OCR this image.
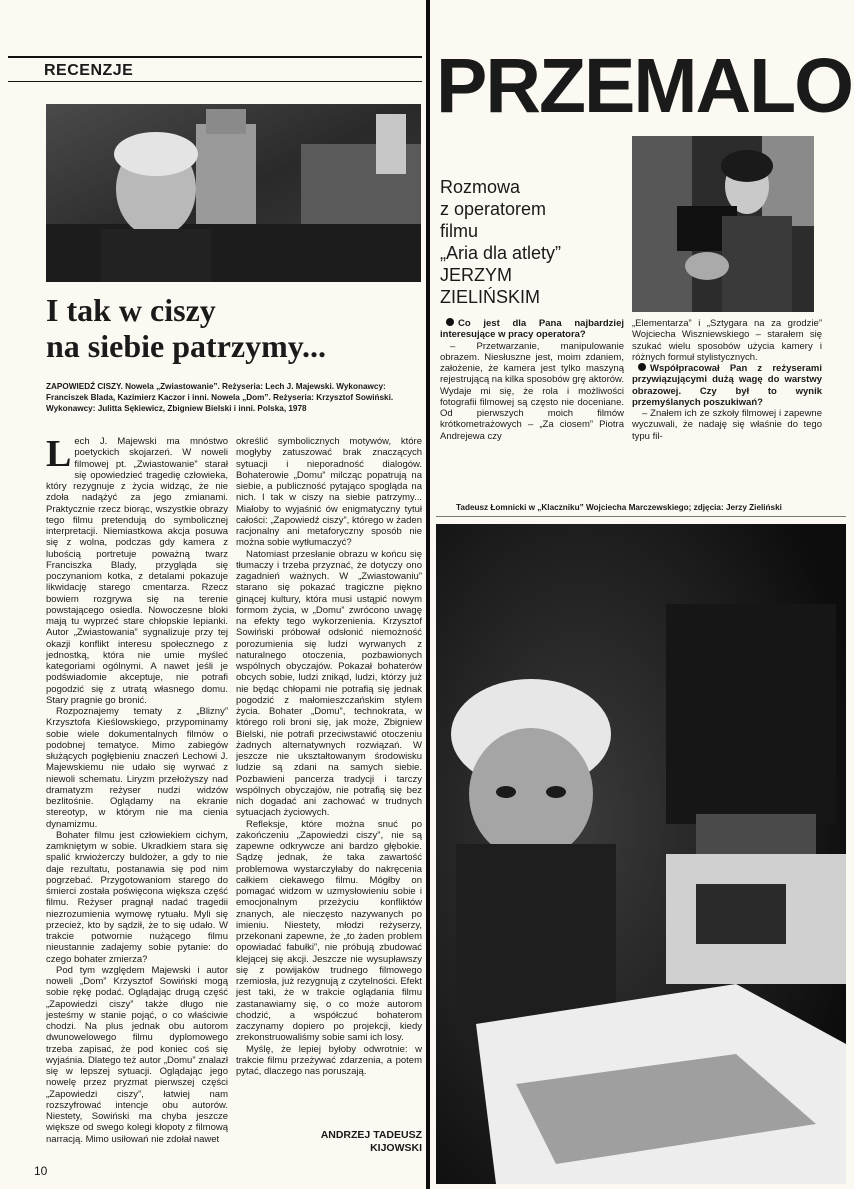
RECENZJE
I tak w ciszy
na siebie patrzymy...
ZAPOWIEDŹ CISZY. Nowela „Zwiastowanie”. Reżyseria: Lech J. Majewski. Wykonawcy: Franciszek Blada, Kazimierz Kaczor i inni. Nowela „Dom”. Reżyseria: Krzysztof Sowiński. Wykonawcy: Julitta Sękiewicz, Zbigniew Bielski i inni. Polska, 1978

Lech J. Majewski ma mnóstwo poetyckich skojarzeń. W noweli filmowej pt. „Zwiastowanie” starał się opowiedzieć tragedię człowieka, który rezygnuje z życia widząc, że nie zdoła nadążyć za jego zmianami. Praktycznie rzecz biorąc, wszystkie obrazy tego filmu pretendują do symbolicznej interpretacji. Niemiastkowa akcja posuwa się z wolna, podczas gdy kamera z lubością portretuje poważną twarz Franciszka Blady, przygląda się poczynaniom kotka, z detalami pokazuje likwidację starego cmentarza. Rzecz bowiem rozgrywa się na terenie powstającego osiedla. Nowoczesne bloki mają tu wyprzeć stare chłopskie lepianki. Autor „Zwiastowania” sygnalizuje przy tej okazji konflikt interesu społecznego z jednostką, która nie umie myśleć kategoriami ogólnymi. A nawet jeśli je podświadomie akceptuje, nie potrafi pogodzić się z utratą własnego domu. Stary pragnie go bronić.

Rozpoznajemy tematy z „Blizny” Krzysztofa Kieślowskiego, przypominamy sobie wiele dokumentalnych filmów o podobnej tematyce. Mimo zabiegów służących pogłębieniu znaczeń Lechowi J. Majewskiemu nie udało się wyrwać z niewoli schematu. Liryzm przełożyszy nad dramatyzm reżyser nudzi widzów bezlitośnie. Oglądamy na ekranie stereotyp, w którym nie ma cienia dynamizmu.

Bohater filmu jest człowiekiem cichym, zamkniętym w sobie. Ukradkiem stara się spalić krwiożerczy buldożer, a gdy to nie daje rezultatu, postanawia się pod nim pogrzebać. Przygotowaniom starego do śmierci została poświęcona większa część filmu. Reżyser pragnął nadać tragedii niezrozumienia wymowę rytuału. Myli się przecież, kto by sądził, że to się udało. W trakcie potwornie nużącego filmu nieustannie zadajemy sobie pytanie: do czego bohater zmierza?

Pod tym względem Majewski i autor noweli „Dom” Krzysztof Sowiński mogą sobie rękę podać. Oglądając drugą część „Zapowiedzi ciszy” także długo nie jesteśmy w stanie pojąć, o co właściwie chodzi. Na plus jednak obu autorom dwunowelowego filmu dyplomowego trzeba zapisać, że pod koniec coś się wyjaśnia. Dlatego też autor „Domu” znalazł się w lepszej sytuacji. Oglądając jego nowelę przez pryzmat pierwszej części „Zapowiedzi ciszy”, łatwiej nam rozszyfrować intencje obu autorów. Niestety, Sowiński ma chyba jeszcze większe od swego kolegi kłopoty z filmową narracją. Mimo usiłowań nie zdołał nawet

określić symbolicznych motywów, które mogłyby zatuszować brak znaczących sytuacji i nieporadność dialogów. Bohaterowie „Domu” milcząc popatrują na siebie, a publiczność pytająco spogląda na nich. I tak w ciszy na siebie patrzymy... Miałoby to wyjaśnić ów enigmatyczny tytuł całości: „Zapowiedź ciszy”, którego w żaden racjonalny ani metaforyczny sposób nie można sobie wytłumaczyć?

Natomiast przesłanie obrazu w końcu się tłumaczy i trzeba przyznać, że dotyczy ono zagadnień ważnych. W „Zwiastowaniu” starano się pokazać tragiczne piękno ginącej kultury, która musi ustąpić nowym formom życia, w „Domu” zwrócono uwagę na efekty tego wykorzenienia. Krzysztof Sowiński próbował odsłonić niemożność porozumienia się ludzi wyrwanych z naturalnego otoczenia, pozbawionych wspólnych obyczajów. Pokazał bohaterów obcych sobie, ludzi znikąd, ludzi, którzy już nie będąc chłopami nie potrafią się jednak pogodzić z małomieszczańskim stylem życia. Bohater „Domu”, technokrata, w którego roli broni się, jak może, Zbigniew Bielski, nie potrafi przeciwstawić otoczeniu żadnych alternatywnych rozwiązań. W jeszcze nie ukształtowanym środowisku ludzie są zdani na samych siebie. Pozbawieni pancerza tradycji i tarczy wspólnych obyczajów, nie potrafią się bez nich dogadać ani zachować w trudnych sytuacjach życiowych.

Refleksje, które można snuć po zakończeniu „Zapowiedzi ciszy”, nie są zapewne odkrywcze ani bardzo głębokie. Sądzę jednak, że taka zawartość problemowa wystarczyłaby do nakręcenia całkiem ciekawego filmu. Mógłby on pomagać widzom w uzmysłowieniu sobie i emocjonalnym przeżyciu konfliktów znanych, ale nieczęsto nazywanych po imieniu. Niestety, młodzi reżyserzy, przekonani zapewne, że „to żaden problem opowiadać fabułki”, nie próbują zbudować klejącej się akcji. Jeszcze nie wysupławszy się z powijaków trudnego filmowego rzemiosła, już rezygnują z czytelności. Efekt jest taki, że w trakcie oglądania filmu zastanawiamy się, o co może autorom chodzić, a współczuć bohaterom zaczynamy dopiero po projekcji, kiedy zrekonstruowaliśmy sobie sami ich losy.

Myślę, że lepiej byłoby odwrotnie: w trakcie filmu przeżywać zdarzenia, a potem pytać, dlaczego nas poruszają.

ANDRZEJ TADEUSZ
KIJOWSKI
10
PRZEMALO
Rozmowa
z operatorem
filmu
„Aria dla atlety”
JERZYM
ZIELIŃSKIM

Co jest dla Pana najbardziej interesujące w pracy operatora?

– Przetwarzanie, manipulowanie obrazem. Niesłuszne jest, moim zdaniem, założenie, że kamera jest tylko maszyną rejestrującą na kilka sposobów grę aktorów. Wydaje mi się, że rola i możliwości fotografii filmowej są często nie doceniane. Od pierwszych moich filmów krótkometrażowych – „Za ciosem” Piotra Andrejewa czy

„Elementarza” i „Sztygara na za grodzie” Wojciecha Wiszniewskiego – starałem się szukać wielu sposobów użycia kamery i różnych formuł stylistycznych.

Współpracował Pan z reżyserami przywiązującymi dużą wagę do warstwy obrazowej. Czy był to wynik przemyślanych poszukiwań?

– Znałem ich ze szkoły filmowej i zapewne wyczuwali, że nadaję się właśnie do tego typu fil-

Tadeusz Łomnicki w „Klaczniku” Wojciecha Marczewskiego; zdjęcia: Jerzy Zieliński
